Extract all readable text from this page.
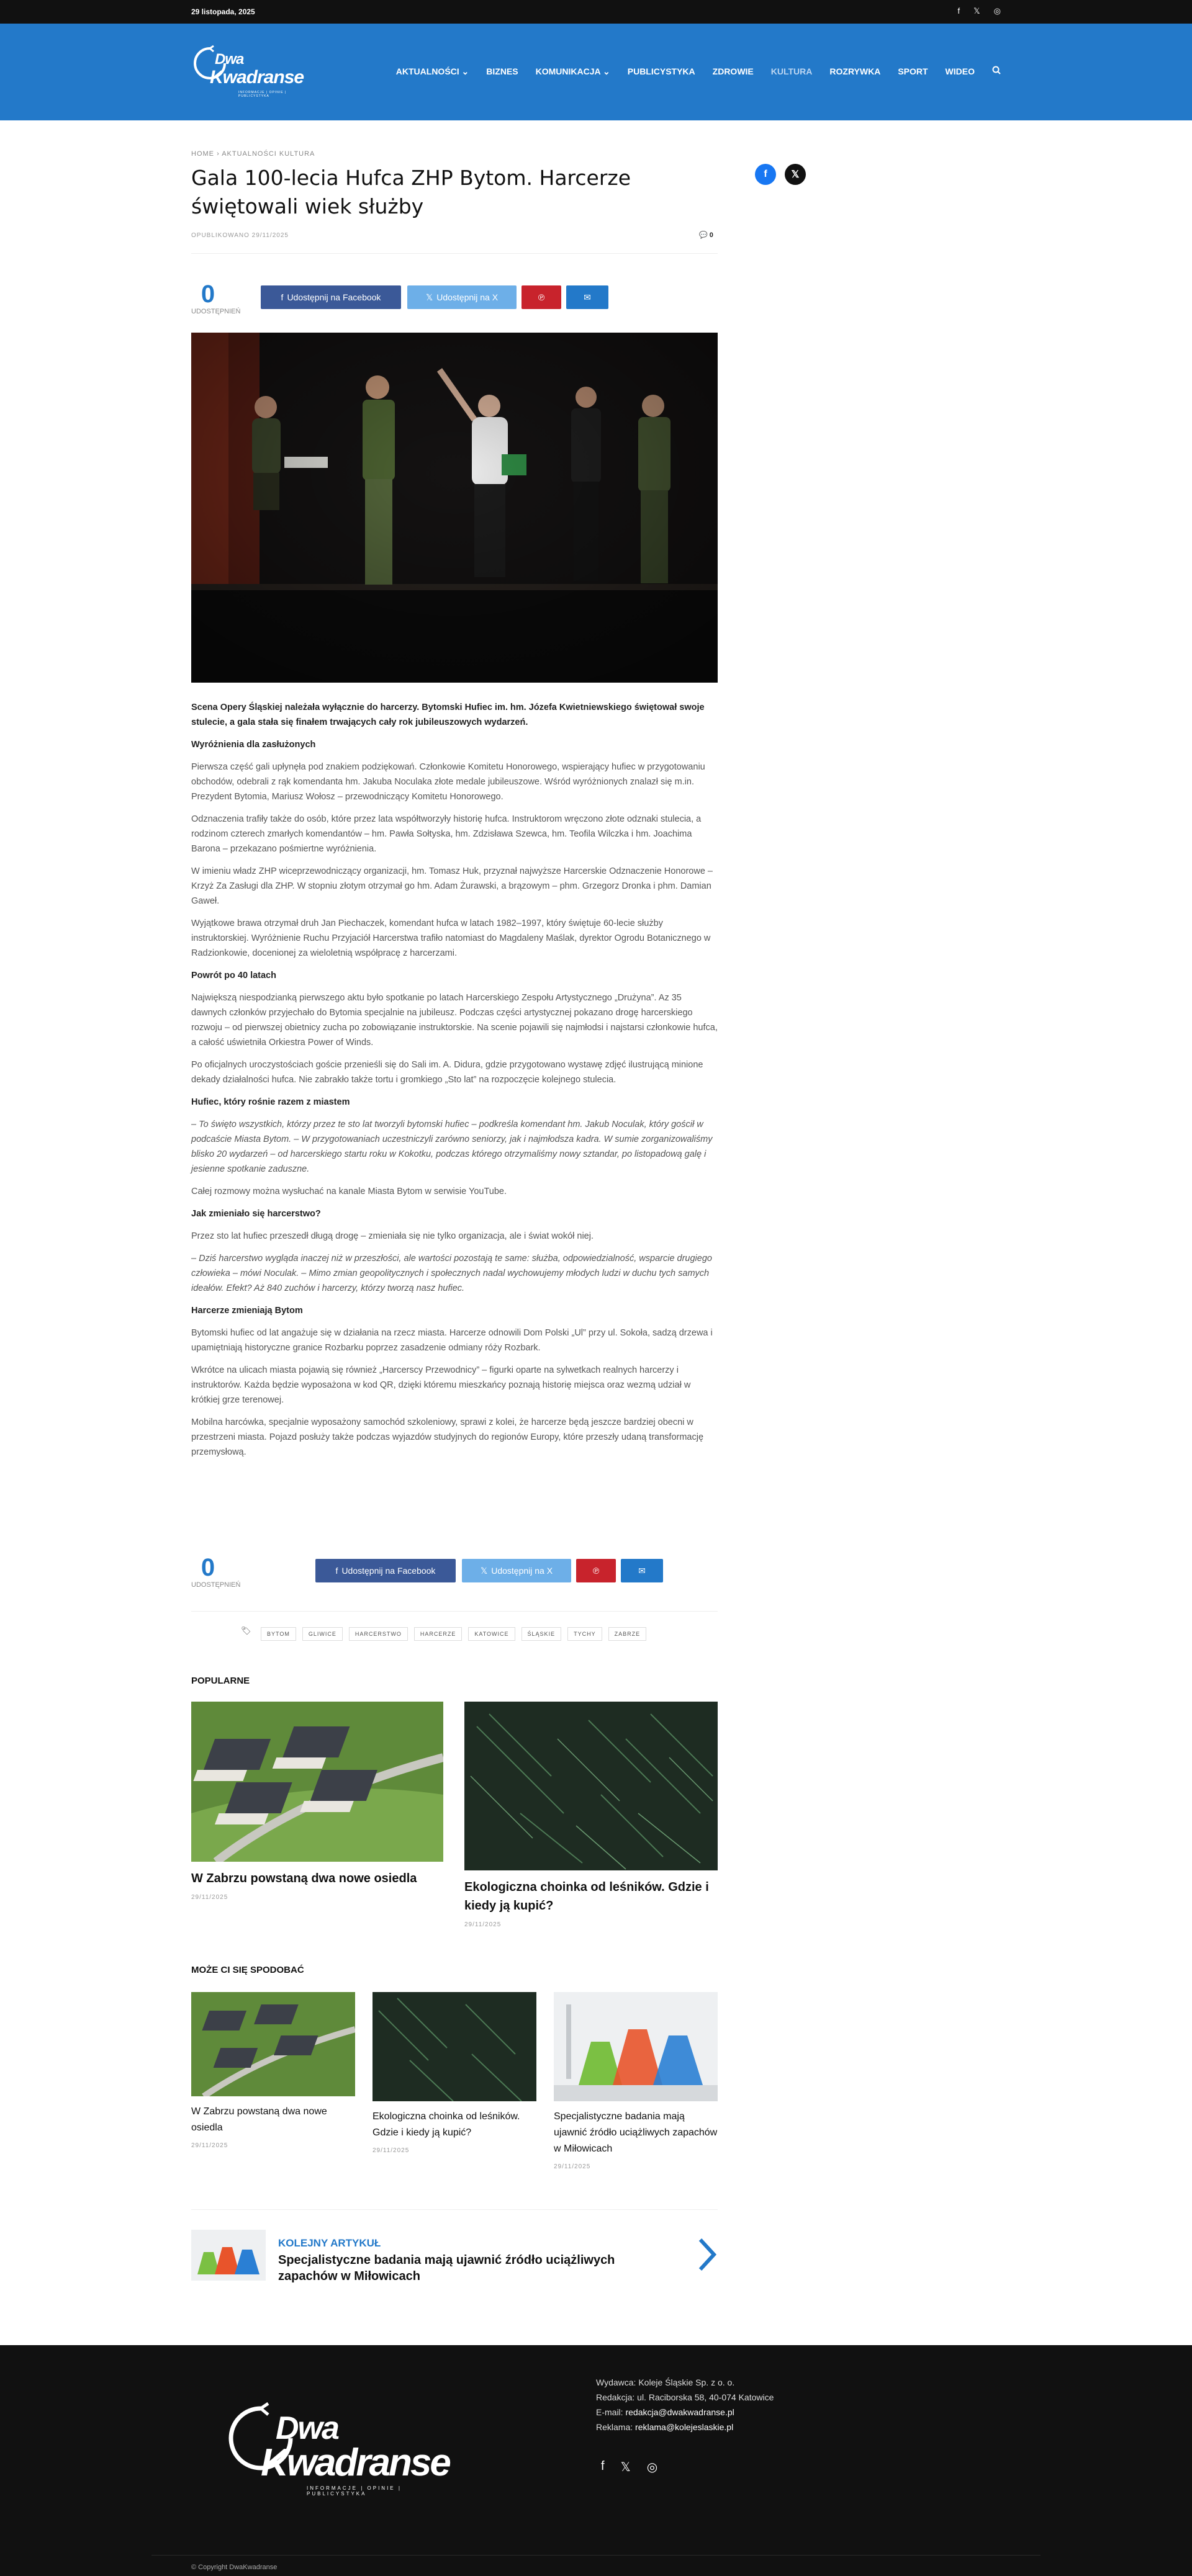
29 listopada, 2025	f 𝕏 ◎
Dwa
Kwadranse
INFORMACJE | OPINIE | PUBLICYSTYKA
AKTUALNOŚCI ⌄ BIZNES KOMUNIKACJA ⌄ PUBLICYSTYKA ZDROWIE KULTURA ROZRYWKA SPORT WIDEO
HOME › AKTUALNOŚCI KULTURA
Gala 100-lecia Hufca ZHP Bytom. Harcerze świętowali wiek służby
OPUBLIKOWANO 29/11/2025	💬 0
0
UDOSTĘPNIEŃ
f Udostępnij na Facebook	𝕏 Udostępnij na X	℗	✉

Scena Opery Śląskiej należała wyłącznie do harcerzy. Bytomski Hufiec im. hm. Józefa Kwietniewskiego świętował swoje stulecie, a gala stała się finałem trwających cały rok jubileuszowych wydarzeń.

Wyróżnienia dla zasłużonych

Pierwsza część gali upłynęła pod znakiem podziękowań. Członkowie Komitetu Honorowego, wspierający hufiec w przygotowaniu obchodów, odebrali z rąk komendanta hm. Jakuba Noculaka złote medale jubileuszowe. Wśród wyróżnionych znalazł się m.in. Prezydent Bytomia, Mariusz Wołosz – przewodniczący Komitetu Honorowego.

Odznaczenia trafiły także do osób, które przez lata współtworzyły historię hufca. Instruktorom wręczono złote odznaki stulecia, a rodzinom czterech zmarłych komendantów – hm. Pawła Sołtyska, hm. Zdzisława Szewca, hm. Teofila Wilczka i hm. Joachima Barona – przekazano pośmiertne wyróżnienia.

W imieniu władz ZHP wiceprzewodniczący organizacji, hm. Tomasz Huk, przyznał najwyższe Harcerskie Odznaczenie Honorowe – Krzyż Za Zasługi dla ZHP. W stopniu złotym otrzymał go hm. Adam Żurawski, a brązowym – phm. Grzegorz Dronka i phm. Damian Gaweł.

Wyjątkowe brawa otrzymał druh Jan Piechaczek, komendant hufca w latach 1982–1997, który świętuje 60-lecie służby instruktorskiej. Wyróżnienie Ruchu Przyjaciół Harcerstwa trafiło natomiast do Magdaleny Maślak, dyrektor Ogrodu Botanicznego w Radzionkowie, docenionej za wieloletnią współpracę z harcerzami.

Powrót po 40 latach

Największą niespodzianką pierwszego aktu było spotkanie po latach Harcerskiego Zespołu Artystycznego „Drużyna”. Az 35 dawnych członków przyjechało do Bytomia specjalnie na jubileusz. Podczas części artystycznej pokazano drogę harcerskiego rozwoju – od pierwszej obietnicy zucha po zobowiązanie instruktorskie. Na scenie pojawili się najmłodsi i najstarsi członkowie hufca, a całość uświetniła Orkiestra Power of Winds.

Po oficjalnych uroczystościach goście przenieśli się do Sali im. A. Didura, gdzie przygotowano wystawę zdjęć ilustrującą minione dekady działalności hufca. Nie zabrakło także tortu i gromkiego „Sto lat” na rozpoczęcie kolejnego stulecia.

Hufiec, który rośnie razem z miastem

– To święto wszystkich, którzy przez te sto lat tworzyli bytomski hufiec – podkreśla komendant hm. Jakub Noculak, który gościł w podcaście Miasta Bytom. – W przygotowaniach uczestniczyli zarówno seniorzy, jak i najmłodsza kadra. W sumie zorganizowaliśmy blisko 20 wydarzeń – od harcerskiego startu roku w Kokotku, podczas którego otrzymaliśmy nowy sztandar, po listopadową galę i jesienne spotkanie zaduszne.

Całej rozmowy można wysłuchać na kanale Miasta Bytom w serwisie YouTube.

Jak zmieniało się harcerstwo?

Przez sto lat hufiec przeszedł długą drogę – zmieniała się nie tylko organizacja, ale i świat wokół niej.

– Dziś harcerstwo wygląda inaczej niż w przeszłości, ale wartości pozostają te same: służba, odpowiedzialność, wsparcie drugiego człowieka – mówi Noculak. – Mimo zmian geopolitycznych i społecznych nadal wychowujemy młodych ludzi w duchu tych samych ideałów. Efekt? Aż 840 zuchów i harcerzy, którzy tworzą nasz hufiec.

Harcerze zmieniają Bytom

Bytomski hufiec od lat angażuje się w działania na rzecz miasta. Harcerze odnowili Dom Polski „Ul” przy ul. Sokoła, sadzą drzewa i upamiętniają historyczne granice Rozbarku poprzez zasadzenie odmiany róży Rozbark.

Wkrótce na ulicach miasta pojawią się również „Harcerscy Przewodnicy” – figurki oparte na sylwetkach realnych harcerzy i instruktorów. Każda będzie wyposażona w kod QR, dzięki któremu mieszkańcy poznają historię miejsca oraz wezmą udział w krótkiej grze terenowej.

Mobilna harcówka, specjalnie wyposażony samochód szkoleniowy, sprawi z kolei, że harcerze będą jeszcze bardziej obecni w przestrzeni miasta. Pojazd posłuży także podczas wyjazdów studyjnych do regionów Europy, które przeszły udaną transformację przemysłową.

0
UDOSTĘPNIEŃ
f Udostępnij na Facebook	𝕏 Udostępnij na X	℗	✉
🏷	BYTOM	GLIWICE	HARCERSTWO	HARCERZE	KATOWICE	ŚLĄSKIE	TYCHY	ZABRZE
POPULARNE
W Zabrzu powstaną dwa nowe osiedla
29/11/2025
Ekologiczna choinka od leśników. Gdzie i kiedy ją kupić?
29/11/2025
MOŻE CI SIĘ SPODOBAĆ
W Zabrzu powstaną dwa nowe osiedla
29/11/2025
Ekologiczna choinka od leśników. Gdzie i kiedy ją kupić?
29/11/2025
Specjalistyczne badania mają ujawnić źródło uciążliwych zapachów w Miłowicach
29/11/2025
KOLEJNY ARTYKUŁ
Specjalistyczne badania mają ujawnić źródło uciążliwych zapachów w Miłowicach
f	𝕏
Dwa
Kwadranse
INFORMACJE | OPINIE | PUBLICYSTYKA
Wydawca: Koleje Śląskie Sp. z o. o.
Redakcja: ul. Raciborska 58, 40-074 Katowice
E-mail: redakcja@dwakwadranse.pl
Reklama: reklama@kolejeslaskie.pl
f 𝕏 ◎
© Copyright DwaKwadranse
